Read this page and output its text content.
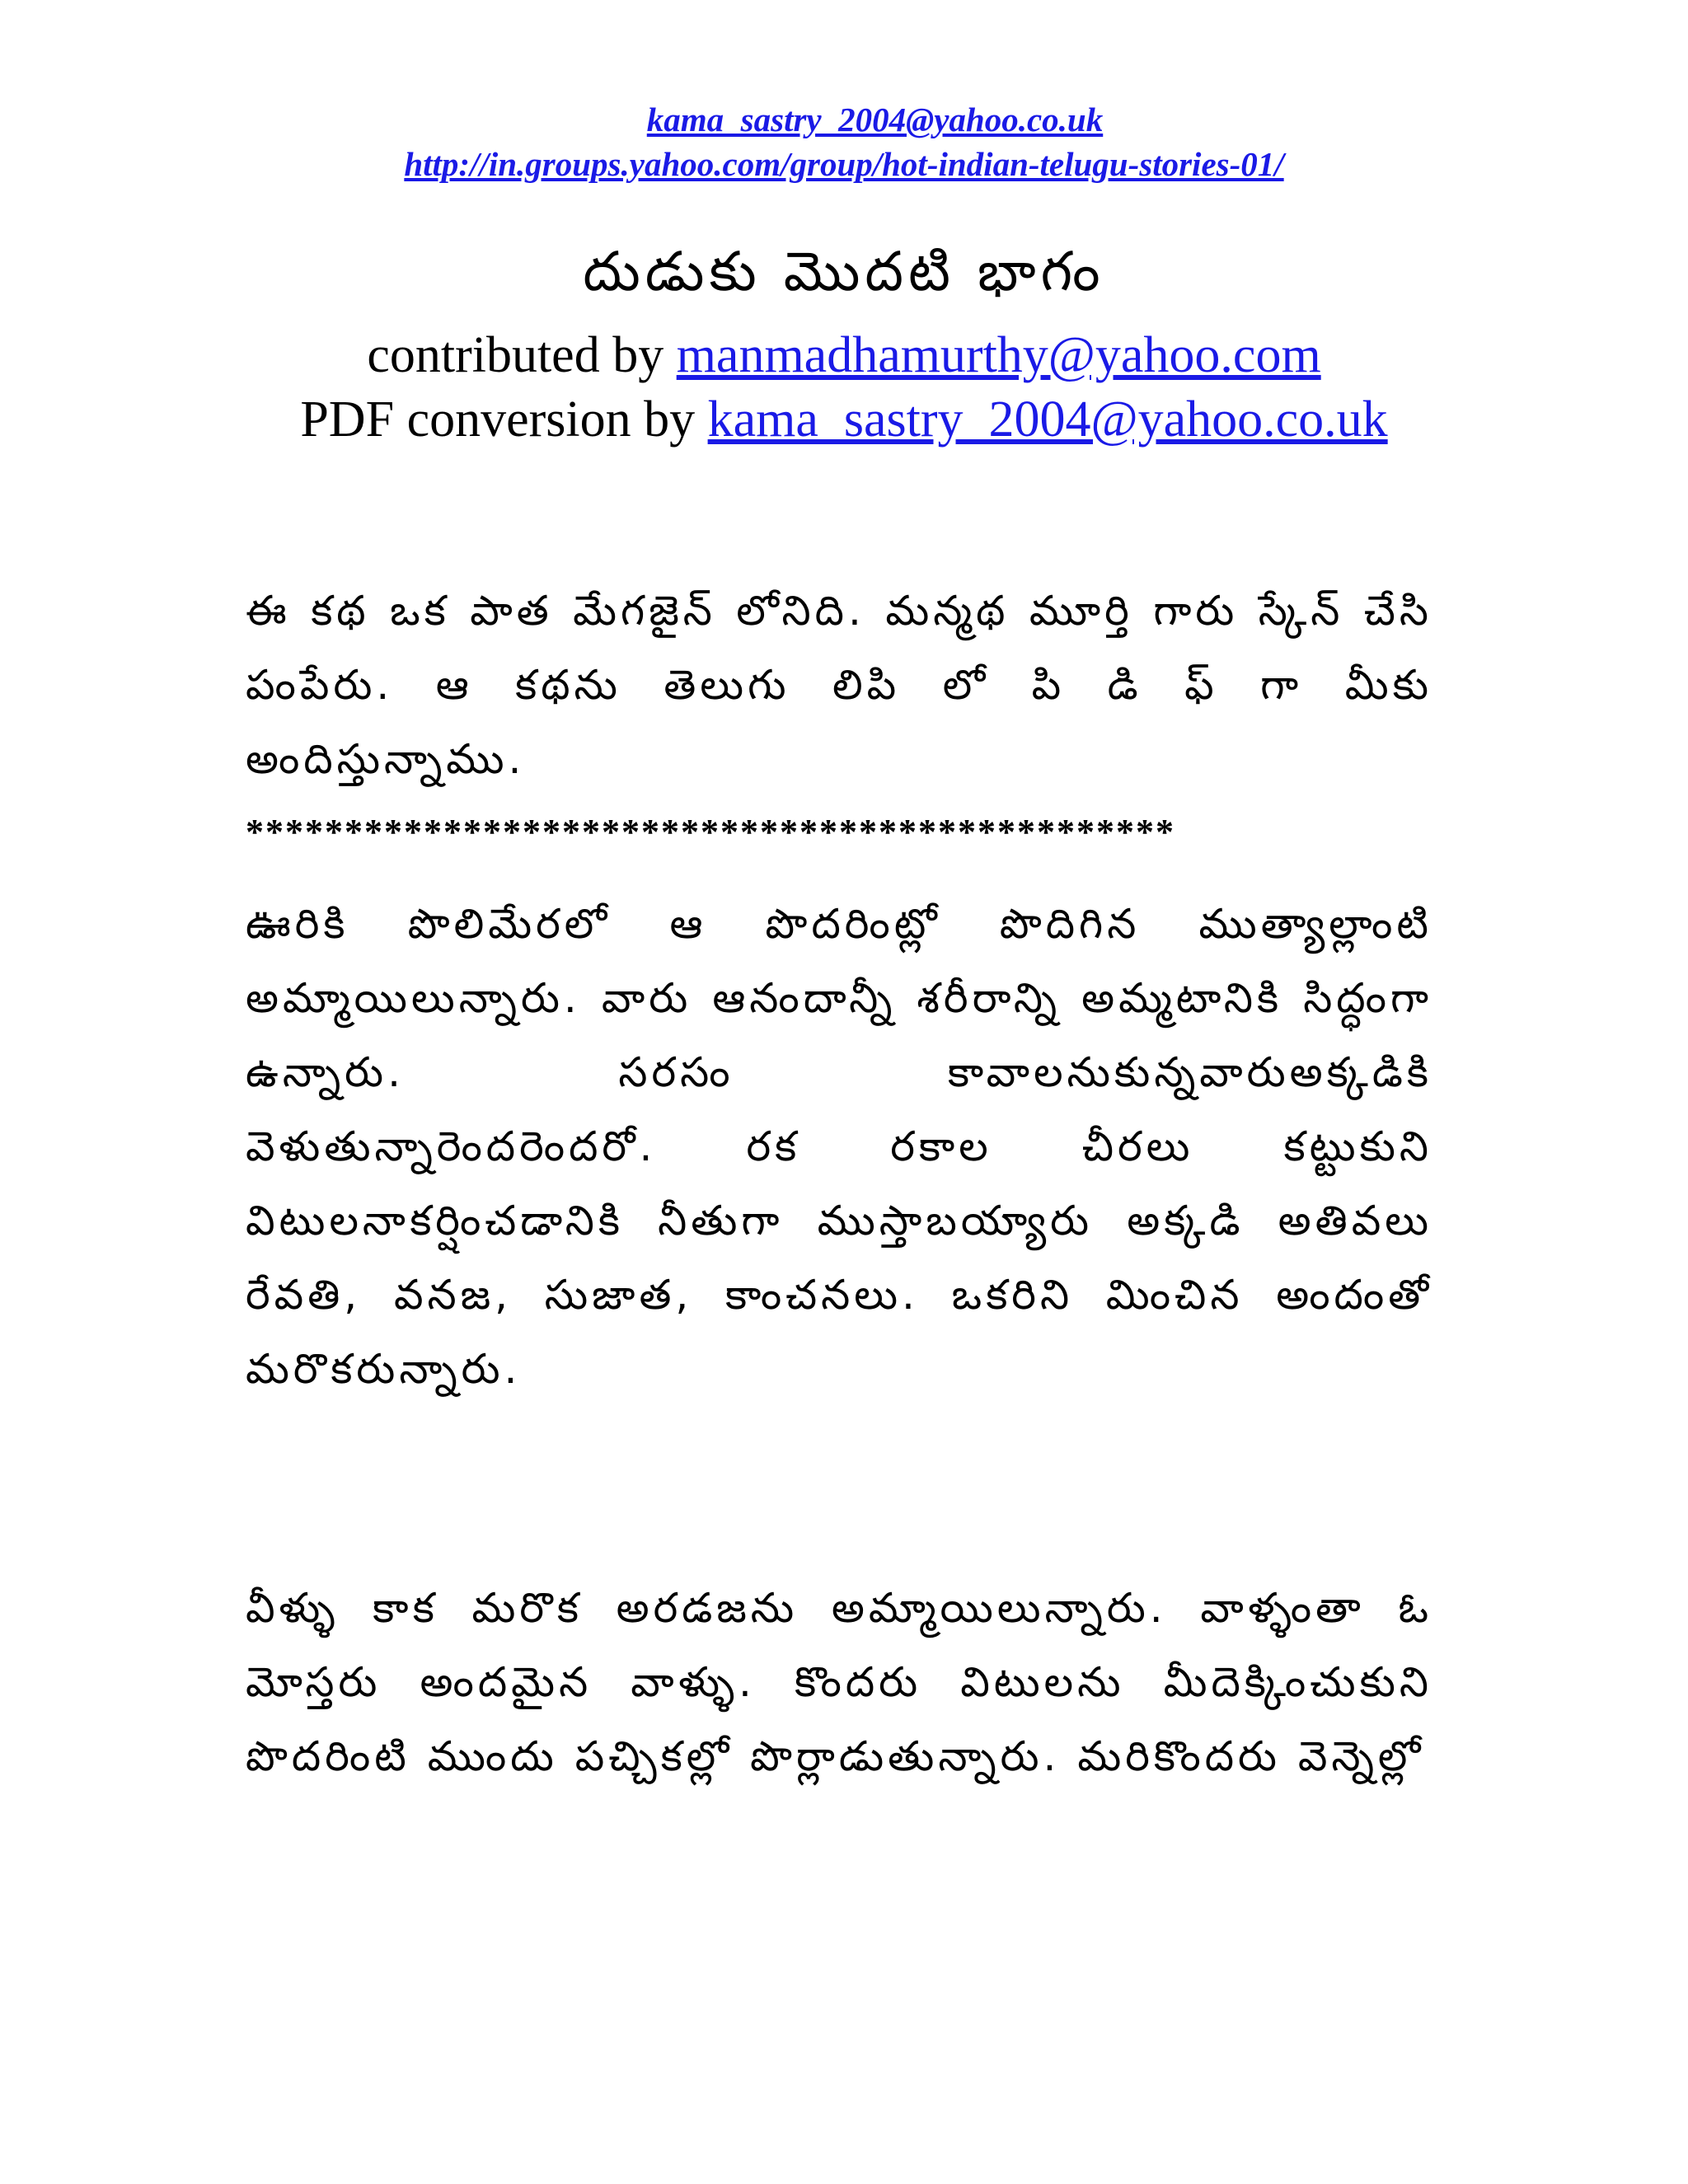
kama_sastry_2004@yahoo.co.uk
http://in.groups.yahoo.com/group/hot-indian-telugu-stories-01/
దుడుకు మొదటి భాగం
contributed by manmadhamurthy@yahoo.com
PDF conversion by kama_sastry_2004@yahoo.co.uk
ఈ కథ ఒక పాత మేగజైన్ లోనిది. మన్మథ మూర్తి గారు స్కేన్ చేసి పంపేరు. ఆ కథను తెలుగు లిపి లో పి డి ఫ్ గా మీకు అందిస్తున్నాము.
***********************************************
ఊరికి పొలిమేరలో ఆ పొదరింట్లో పొదిగిన ముత్యాల్లాంటి అమ్మాయిలున్నారు. వారు ఆనందాన్నీ శరీరాన్ని అమ్మటానికి సిద్ధంగా ఉన్నారు. సరసం కావాలనుకున్నవారుఅక్కడికి వెళుతున్నారెందరెందరో. రక రకాల చీరలు కట్టుకుని విటులనాకర్షించడానికి నీతుగా ముస్తాబయ్యారు అక్కడి అతివలు రేవతి, వనజ, సుజాత, కాంచనలు. ఒకరిని మించిన అందంతో మరొకరున్నారు.
వీళ్ళు కాక మరొక అరడజను అమ్మాయిలున్నారు. వాళ్ళంతా ఓ మోస్తరు అందమైన వాళ్ళు. కొందరు విటులను మీదెక్కించుకుని పొదరింటి ముందు పచ్చికల్లో పొర్లాడుతున్నారు. మరికొందరు వెన్నెల్లో
